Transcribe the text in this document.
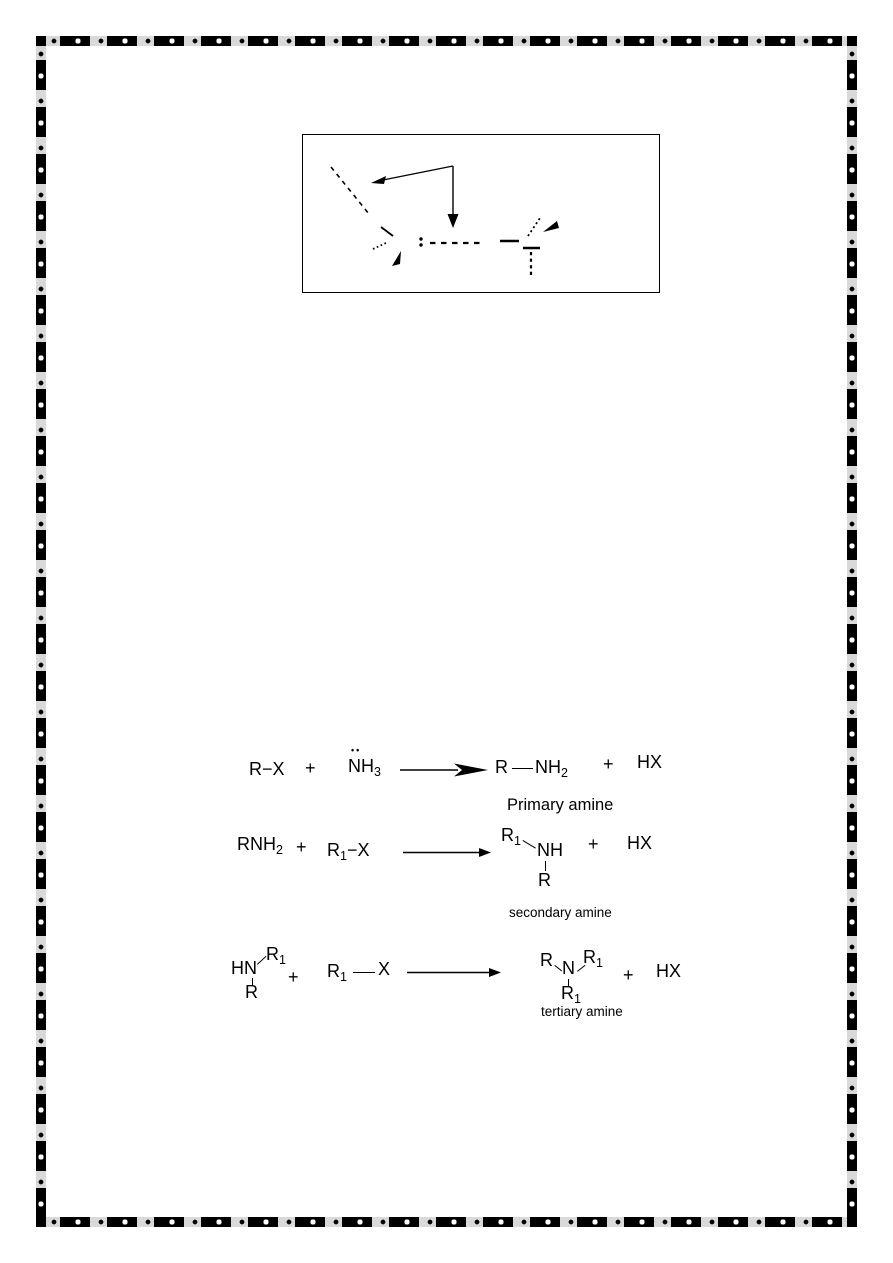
R−X +
••
$NH_3$	R $NH_2$ + HX
Primary amine
$RNH_2 + R_1-X$
$R_1$ NH
R
+ HX
secondary amine
HN
$R_1$
R
+ $R_1$ X	R N
$R_1$
$R_1$
+ HX
tertiary amine
